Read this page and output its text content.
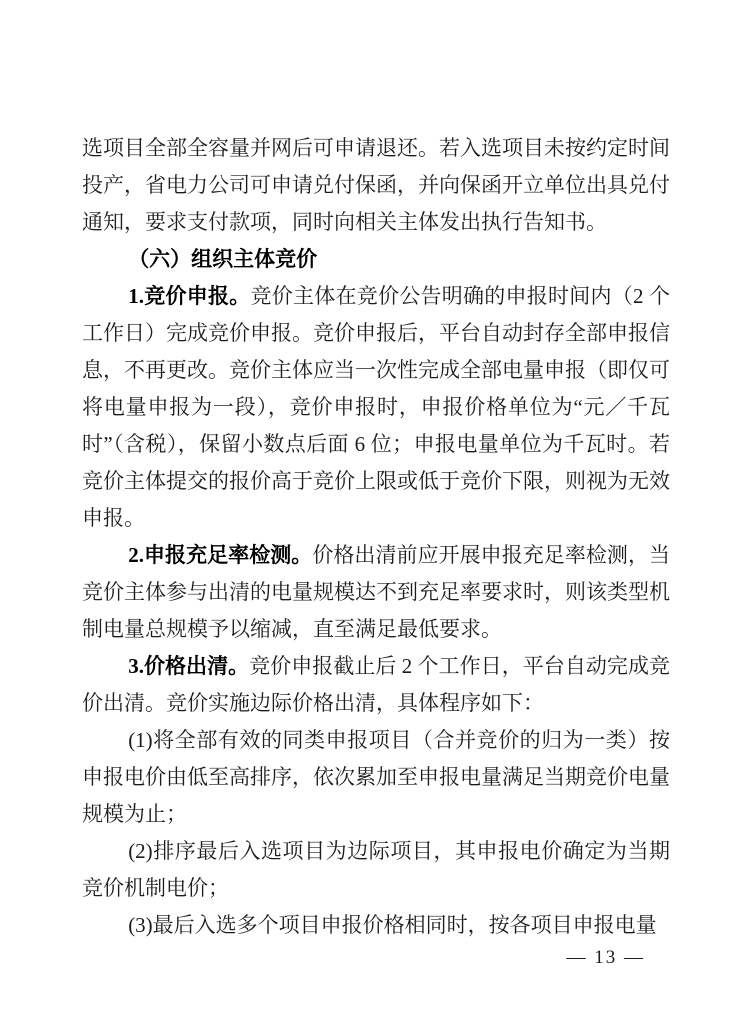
选项目全部全容量并网后可申请退还。若入选项目未按约定时间投产，省电力公司可申请兑付保函，并向保函开立单位出具兑付通知，要求支付款项，同时向相关主体发出执行告知书。

（六）组织主体竞价

1.竞价申报。竞价主体在竞价公告明确的申报时间内（2 个工作日）完成竞价申报。竞价申报后，平台自动封存全部申报信息，不再更改。竞价主体应当一次性完成全部电量申报（即仅可将电量申报为一段），竞价申报时，申报价格单位为“元／千瓦时”（含税），保留小数点后面 6 位；申报电量单位为千瓦时。若竞价主体提交的报价高于竞价上限或低于竞价下限，则视为无效申报。

2.申报充足率检测。价格出清前应开展申报充足率检测，当竞价主体参与出清的电量规模达不到充足率要求时，则该类型机制电量总规模予以缩减，直至满足最低要求。

3.价格出清。竞价申报截止后 2 个工作日，平台自动完成竞价出清。竞价实施边际价格出清，具体程序如下：

(1)将全部有效的同类申报项目（合并竞价的归为一类）按申报电价由低至高排序，依次累加至申报电量满足当期竞价电量规模为止；

(2)排序最后入选项目为边际项目，其申报电价确定为当期竞价机制电价；

(3)最后入选多个项目申报价格相同时，按各项目申报电量

— 13 —
